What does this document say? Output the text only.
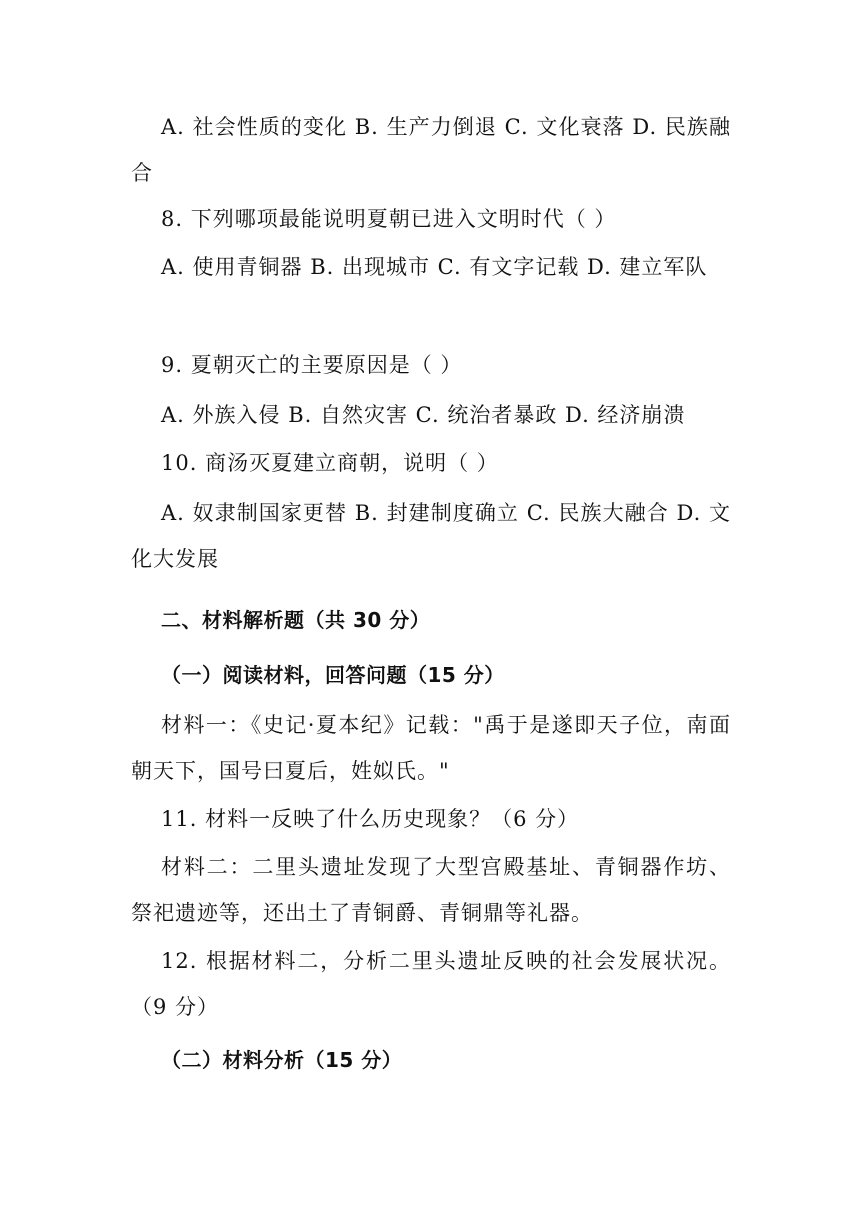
A. 社会性质的变化 B. 生产力倒退 C. 文化衰落 D. 民族融合

8. 下列哪项最能说明夏朝已进入文明时代（ ）

A. 使用青铜器 B. 出现城市 C. 有文字记载 D. 建立军队

9. 夏朝灭亡的主要原因是（ ）

A. 外族入侵 B. 自然灾害 C. 统治者暴政 D. 经济崩溃

10. 商汤灭夏建立商朝，说明（ ）

A. 奴隶制国家更替 B. 封建制度确立 C. 民族大融合 D. 文化大发展

二、材料解析题（共 30 分）
（一）阅读材料，回答问题（15 分）

材料一：《史记·夏本纪》记载："禹于是遂即天子位，南面朝天下，国号曰夏后，姓姒氏。"

11. 材料一反映了什么历史现象？（6 分）

材料二：二里头遗址发现了大型宫殿基址、青铜器作坊、祭祀遗迹等，还出土了青铜爵、青铜鼎等礼器。

12. 根据材料二，分析二里头遗址反映的社会发展状况。（9 分）

（二）材料分析（15 分）
